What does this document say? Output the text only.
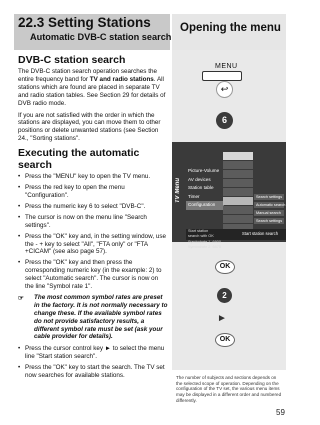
22.3 Setting Stations
Automatic DVB-C station search
Opening the menu
DVB-C station search

The DVB-C station search operation searches the entire frequency band for TV and radio stations. All stations which are found are placed in separate TV and radio station tables. See Section 29 for details of DVB radio mode.

If you are not satisfied with the order in which the stations are displayed, you can move them to other positions or delete unwanted stations (see Section 24., "Sorting stations".

Executing the automatic search
• Press the "MENU" key to open the TV menu.
• Press the red key to open the menu "Configuration".
• Press the numeric key 6 to select "DVB-C".
• The cursor is now on the menu line "Search settings".
• Press the "OK" key and, in the setting window, use the - + key to select "All", "FTA only" or "FTA +CICAM" (see also page 57).
• Press the "OK" key and then press the corresponding numeric key (in the example: 2) to select "Automatic search". The cursor is now on the line "Symbol rate 1".
☞	The most common symbol rates are preset in the factory. It is not normally necessary to change these. If the available symbol rates do not provide satisfactory results, a different symbol rate must be set (ask your cable provider for details).
• Press the cursor control key ► to select the menu line "Start station search".
• Press the "OK" key to start the search. The TV set now searches for available stations.
MENU
↩
6
TV Menu
Picture-Volume
AV devices
Station table
Timer
Configuration
Search settings
Automatic search
Manual search
Search settings
Start station
search with OK
Symbolrate 1  6900
Symbolrate 2  6875
Start station search
OK
2
►
OK
The number of subjects and sections depends on the selected scope of operation. Depending on the configuration of the TV set, the various menu items may be displayed in a different order and numbered differently.
59
